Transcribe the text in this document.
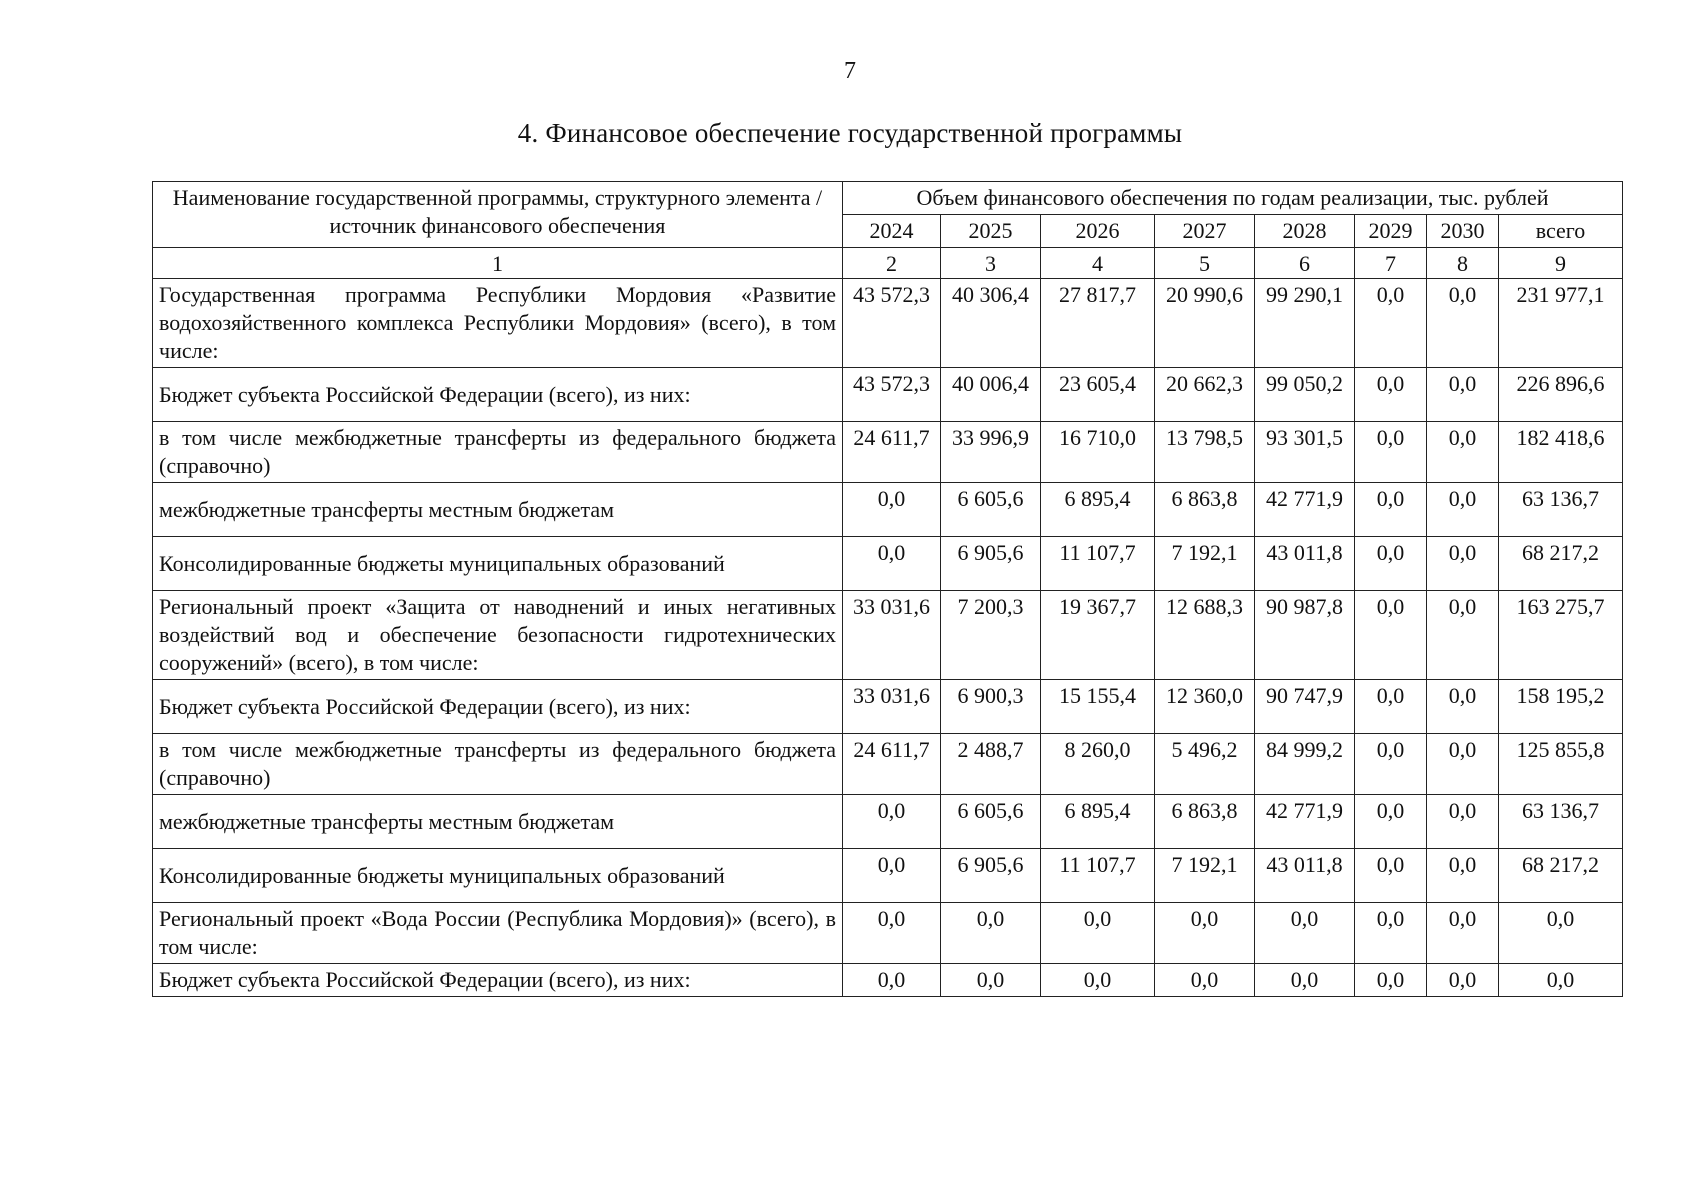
7
4. Финансовое обеспечение государственной программы
Наименование государственной программы, структурного элемента / источник финансового обеспечения	Объем финансового обеспечения по годам реализации, тыс. рублей							
	2024	2025	2026	2027	2028	2029	2030	всего
1	2	3	4	5	6	7	8	9
Государственная программа Республики Мордовия «Развитие водохозяйственного комплекса Республики Мордовия» (всего), в том числе:	43 572,3	40 306,4	27 817,7	20 990,6	99 290,1	0,0	0,0	231 977,1
Бюджет субъекта Российской Федерации (всего), из них:	43 572,3	40 006,4	23 605,4	20 662,3	99 050,2	0,0	0,0	226 896,6
в том числе межбюджетные трансферты из федерального бюджета (справочно)	24 611,7	33 996,9	16 710,0	13 798,5	93 301,5	0,0	0,0	182 418,6
межбюджетные трансферты местным бюджетам	0,0	6 605,6	6 895,4	6 863,8	42 771,9	0,0	0,0	63 136,7
Консолидированные бюджеты муниципальных образований	0,0	6 905,6	11 107,7	7 192,1	43 011,8	0,0	0,0	68 217,2
Региональный проект «Защита от наводнений и иных негативных воздействий вод и обеспечение безопасности гидротехнических сооружений» (всего), в том числе:	33 031,6	7 200,3	19 367,7	12 688,3	90 987,8	0,0	0,0	163 275,7
Бюджет субъекта Российской Федерации (всего), из них:	33 031,6	6 900,3	15 155,4	12 360,0	90 747,9	0,0	0,0	158 195,2
в том числе межбюджетные трансферты из федерального бюджета (справочно)	24 611,7	2 488,7	8 260,0	5 496,2	84 999,2	0,0	0,0	125 855,8
межбюджетные трансферты местным бюджетам	0,0	6 605,6	6 895,4	6 863,8	42 771,9	0,0	0,0	63 136,7
Консолидированные бюджеты муниципальных образований	0,0	6 905,6	11 107,7	7 192,1	43 011,8	0,0	0,0	68 217,2
Региональный проект «Вода России (Республика Мордовия)» (всего), в том числе:	0,0	0,0	0,0	0,0	0,0	0,0	0,0	0,0
Бюджет субъекта Российской Федерации (всего), из них:	0,0	0,0	0,0	0,0	0,0	0,0	0,0	0,0
